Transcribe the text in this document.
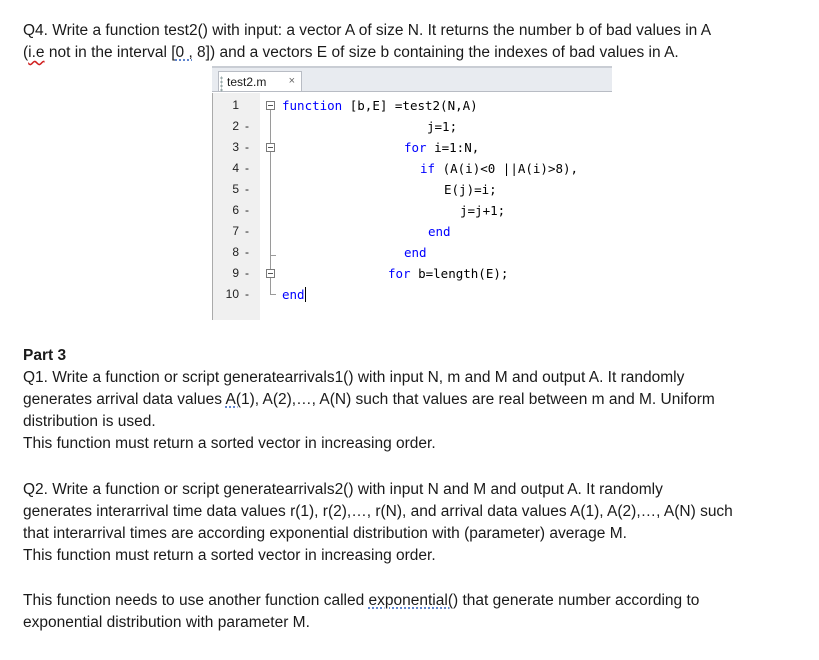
Q4. Write a function test2() with input: a vector A of size N. It returns the number b of bad values in A
(i.e not in the interval [0 , 8]) and a vectors E of size b containing the indexes of bad values in A.

test2.m ×
1
2 -
3 -
4 -
5 -
6 -
7 -
8 -
9 -
10 -
function [b,E] =test2(N,A)
j=1;
for i=1:N,
if (A(i)<0 ||A(i)>8),
E(j)=i;
j=j+1;
end
end
for b=length(E);
end

Part 3

Q1. Write a function or script generatearrivals1() with input N, m and M and output A. It randomly
generates arrival data values A(1), A(2),…, A(N) such that values are real between m and M. Uniform
distribution is used.
This function must return a sorted vector in increasing order.

Q2. Write a function or script generatearrivals2() with input N and M and output A. It randomly
generates interarrival time data values r(1), r(2),…, r(N), and arrival data values A(1), A(2),…, A(N) such
that interarrival times are according exponential distribution with (parameter) average M.
This function must return a sorted vector in increasing order.

This function needs to use another function called exponential() that generate number according to
exponential distribution with parameter M.
